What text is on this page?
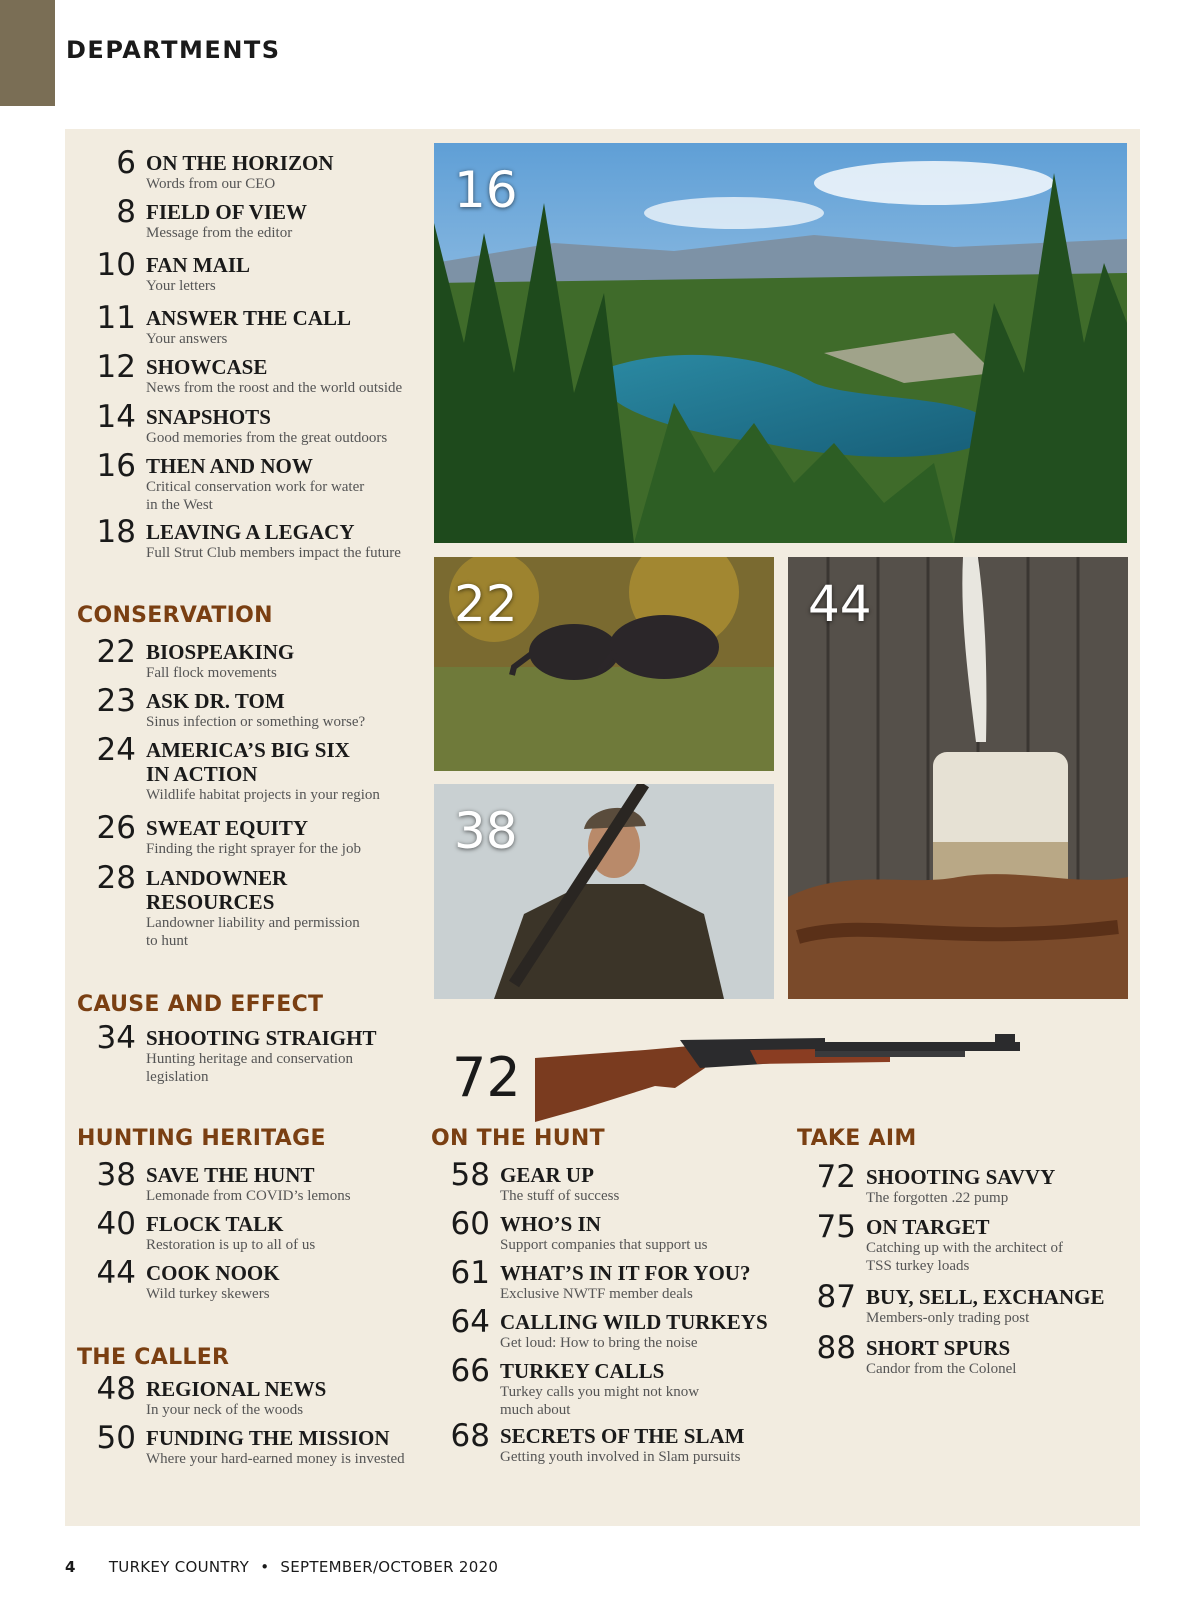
DEPARTMENTS
6 ON THE HORIZON
Words from our CEO
8 FIELD OF VIEW
Message from the editor
10 FAN MAIL
Your letters
11 ANSWER THE CALL
Your answers
12 SHOWCASE
News from the roost and the world outside
14 SNAPSHOTS
Good memories from the great outdoors
16 THEN AND NOW
Critical conservation work for water
in the West
18 LEAVING A LEGACY
Full Strut Club members impact the future
CONSERVATION
22 BIOSPEAKING
Fall flock movements
23 ASK DR. TOM
Sinus infection or something worse?
24 AMERICA’S BIG SIX
IN ACTION
Wildlife habitat projects in your region
26 SWEAT EQUITY
Finding the right sprayer for the job
28 LANDOWNER
RESOURCES
Landowner liability and permission
to hunt
CAUSE AND EFFECT
34 SHOOTING STRAIGHT
Hunting heritage and conservation
legislation
HUNTING HERITAGE
38 SAVE THE HUNT
Lemonade from COVID’s lemons
40 FLOCK TALK
Restoration is up to all of us
44 COOK NOOK
Wild turkey skewers
THE CALLER
48 REGIONAL NEWS
In your neck of the woods
50 FUNDING THE MISSION
Where your hard-earned money is invested
ON THE HUNT
58 GEAR UP
The stuff of success
60 WHO’S IN
Support companies that support us
61 WHAT’S IN IT FOR YOU?
Exclusive NWTF member deals
64 CALLING WILD TURKEYS
Get loud: How to bring the noise
66 TURKEY CALLS
Turkey calls you might not know
much about
68 SECRETS OF THE SLAM
Getting youth involved in Slam pursuits
TAKE AIM
72 SHOOTING SAVVY
The forgotten .22 pump
75 ON TARGET
Catching up with the architect of
TSS turkey loads
87 BUY, SELL, EXCHANGE
Members-only trading post
88 SHORT SPURS
Candor from the Colonel
16
22
38
44
72
4 TURKEY COUNTRY • SEPTEMBER/OCTOBER 2020
